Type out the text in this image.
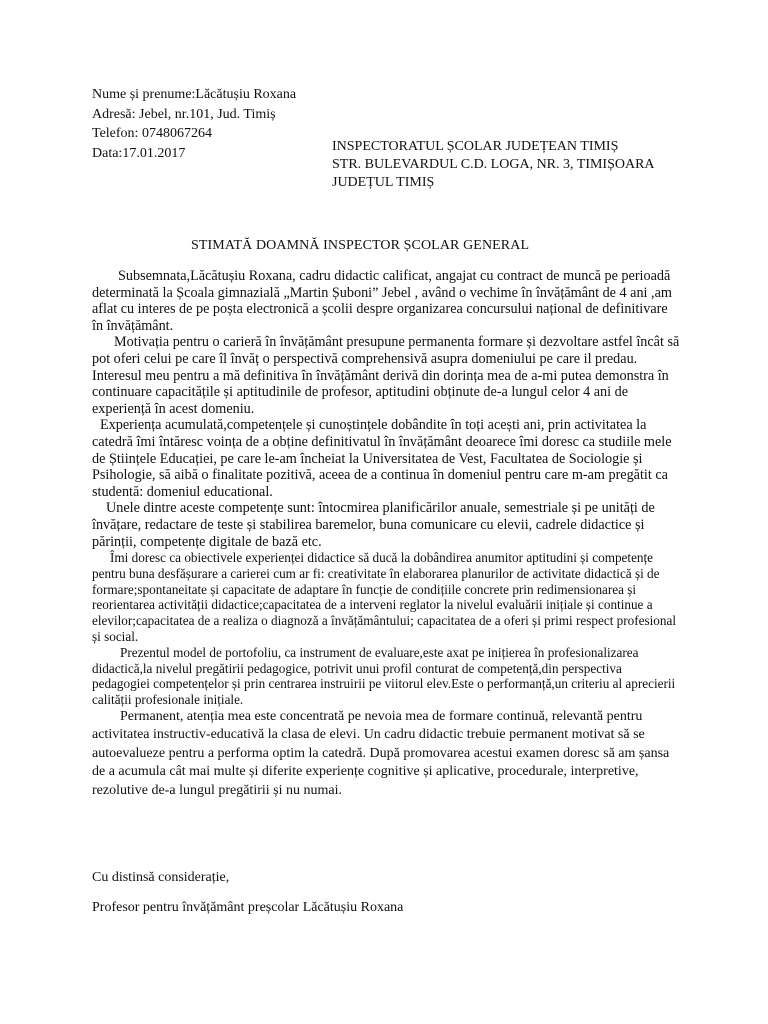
Nume și prenume:Lăcătușiu Roxana
Adresă: Jebel, nr.101, Jud. Timiș
Telefon: 0748067264
Data:17.01.2017	INSPECTORATUL ȘCOLAR JUDEȚEAN TIMIȘ
STR. BULEVARDUL C.D. LOGA, NR. 3, TIMIȘOARA
JUDEȚUL TIMIȘ
STIMATĂ DOAMNĂ INSPECTOR ȘCOLAR GENERAL

Subsemnata,Lăcătușiu Roxana, cadru didactic calificat, angajat cu contract de muncă pe perioadă determinată la Școala gimnazială „Martin Șuboni” Jebel , având o vechime în învățământ de 4 ani ,am aflat cu interes de pe poșta electronică a școlii despre organizarea concursului național de definitivare în învățământ.

Motivația pentru o carieră în învățământ presupune permanenta formare și dezvoltare astfel încât să pot oferi celui pe care îl învăț o perspectivă comprehensivă asupra domeniului pe care il predau. Interesul meu pentru a mă definitiva în învățământ derivă din dorința mea de a-mi putea demonstra în continuare capacitățile și aptitudinile de profesor, aptitudini obținute de-a lungul celor 4 ani de experiență în acest domeniu.

Experiența acumulată,competențele și cunoștințele dobândite în toți acești ani, prin activitatea la catedră îmi întăresc voința de a obține definitivatul în învățământ deoarece îmi doresc ca studiile mele de Științele Educației, pe care le-am încheiat la Universitatea de Vest, Facultatea de Sociologie și Psihologie, să aibă o finalitate pozitivă, aceea de a continua în domeniul pentru care m-am pregătit ca studentă: domeniul educational.

Unele dintre aceste competențe sunt: întocmirea planificărilor anuale, semestriale și pe unități de învățare, redactare de teste și stabilirea baremelor, buna comunicare cu elevii, cadrele didactice și părinții, competențe digitale de bază etc.

Îmi doresc ca obiectivele experienței didactice să ducă la dobândirea anumitor aptitudini și competențe pentru buna desfășurare a carierei cum ar fi: creativitate în elaborarea planurilor de activitate didactică și de formare;spontaneitate și capacitate de adaptare în funcție de condițiile concrete prin redimensionarea și reorientarea activității didactice;capacitatea de a interveni reglator la nivelul evaluării inițiale și continue a elevilor;capacitatea de a realiza o diagnoză a învățământului; capacitatea de a oferi și primi respect profesional și social.

Prezentul model de portofoliu, ca instrument de evaluare,este axat pe inițierea în profesionalizarea didactică,la nivelul pregătirii pedagogice, potrivit unui profil conturat de competență,din perspectiva pedagogiei competențelor și prin centrarea instruirii pe viitorul elev.Este o performanță,un criteriu al aprecierii calității profesionale inițiale.

Permanent, atenția mea este concentrată pe nevoia mea de formare continuă, relevantă pentru activitatea instructiv-educativă la clasa de elevi. Un cadru didactic trebuie permanent motivat să se autoevalueze pentru a performa optim la catedră. După promovarea acestui examen doresc să am șansa de a acumula cât mai multe și diferite experiențe cognitive și aplicative, procedurale, interpretive, rezolutive de-a lungul pregătirii și nu numai.

Cu distinsă considerație,
Profesor pentru învățământ preșcolar Lăcătușiu Roxana
